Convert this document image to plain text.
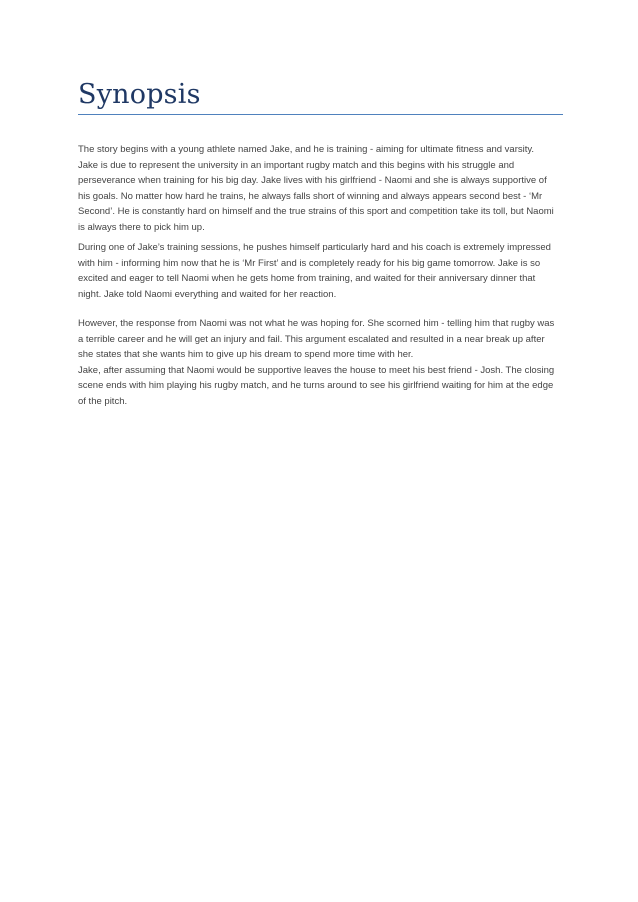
Synopsis
The story begins with a young athlete named Jake, and he is training - aiming for ultimate fitness and varsity.
Jake is due to represent the university in an important rugby match and this begins with his struggle and
perseverance when training for his big day. Jake lives with his girlfriend - Naomi and she is always supportive of
his goals. No matter how hard he trains, he always falls short of winning and always appears second best - ‘Mr
Second’. He is constantly hard on himself and the true strains of this sport and competition take its toll, but Naomi
is always there to pick him up.
During one of Jake’s training sessions, he pushes himself particularly hard and his coach is extremely impressed
with him - informing him now that he is ‘Mr First’ and is completely ready for his big game tomorrow. Jake is so
excited and eager to tell Naomi when he gets home from training, and waited for their anniversary dinner that
night. Jake told Naomi everything and waited for her reaction.
However, the response from Naomi was not what he was hoping for. She scorned him - telling him that rugby was
a terrible career and he will get an injury and fail. This argument escalated and resulted in a near break up after
she states that she wants him to give up his dream to spend more time with her.
Jake, after assuming that Naomi would be supportive leaves the house to meet his best friend - Josh. The closing
scene ends with him playing his rugby match, and he turns around to see his girlfriend waiting for him at the edge
of the pitch.
